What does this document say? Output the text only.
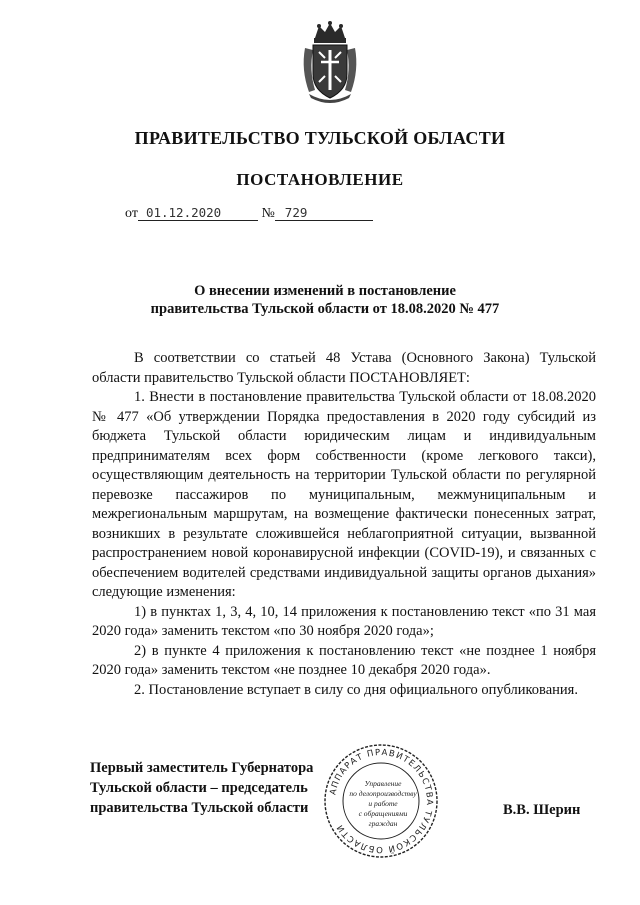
ПРАВИТЕЛЬСТВО ТУЛЬСКОЙ ОБЛАСТИ
ПОСТАНОВЛЕНИЕ
от 01.12.2020	№ 729
О внесении изменений в постановление
правительства Тульской области от 18.08.2020 № 477

В соответствии со статьей 48 Устава (Основного Закона) Тульской области правительство Тульской области ПОСТАНОВЛЯЕТ:

1. Внести в постановление правительства Тульской области от 18.08.2020 № 477 «Об утверждении Порядка предоставления в 2020 году субсидий из бюджета Тульской области юридическим лицам и индивидуальным предпринимателям всех форм собственности (кроме легкового такси), осуществляющим деятельность на территории Тульской области по регулярной перевозке пассажиров по муниципальным, межмуниципальным и межрегиональным маршрутам, на возмещение фактически понесенных затрат, возникших в результате сложившейся неблагоприятной ситуации, вызванной распространением новой коронавирусной инфекции (COVID-19), и связанных с обеспечением водителей средствами индивидуальной защиты органов дыхания» следующие изменения:

1) в пунктах 1, 3, 4, 10, 14 приложения к постановлению текст «по 31 мая 2020 года» заменить текстом «по 30 ноября 2020 года»;

2) в пункте 4 приложения к постановлению текст «не позднее 1 ноября 2020 года» заменить текстом «не позднее 10 декабря 2020 года».

2. Постановление вступает в силу со дня официального опубликования.

Первый заместитель Губернатора
Тульской области – председатель
правительства Тульской области	В.В. Шерин
АППАРАТ ПРАВИТЕЛЬСТВА ТУЛЬСКОЙ ОБЛАСТИ
Управление
по делопроизводству
и работе
с обращениями
граждан
